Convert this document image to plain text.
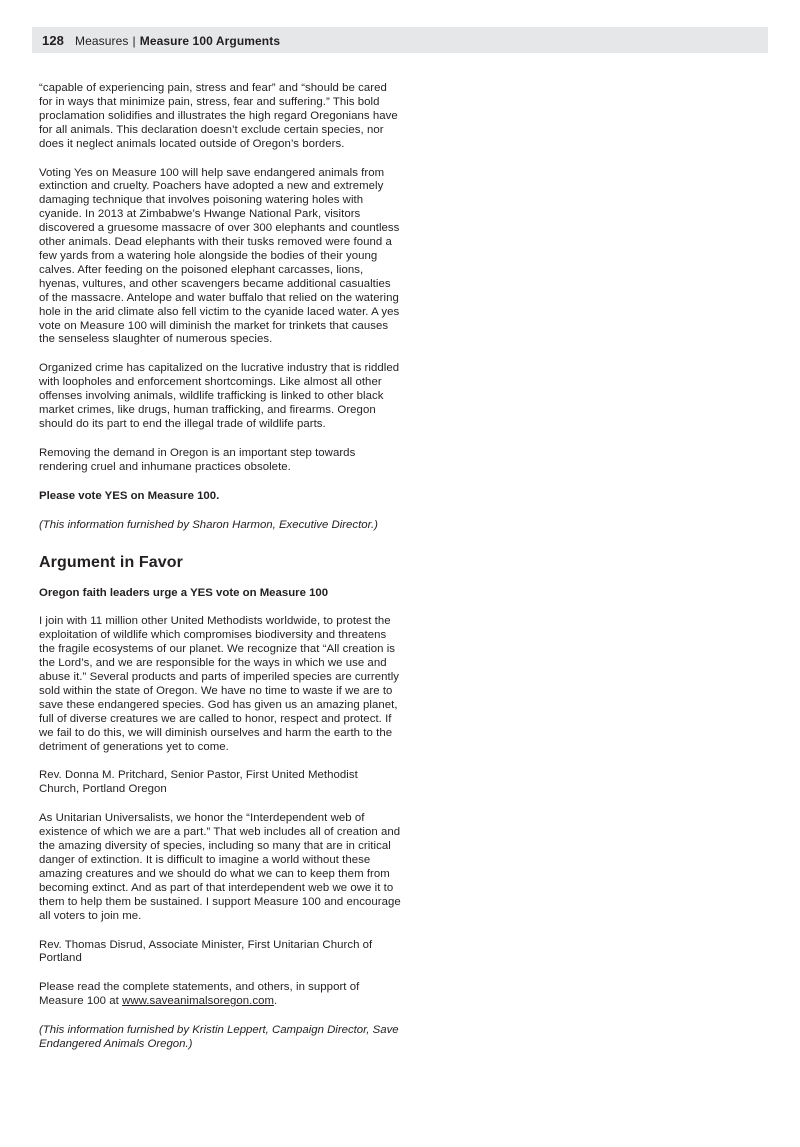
128 Measures | Measure 100 Arguments

“capable of experiencing pain, stress and fear” and “should be cared for in ways that minimize pain, stress, fear and suffering.” This bold proclamation solidifies and illustrates the high regard Oregonians have for all animals. This declaration doesn’t exclude certain species, nor does it neglect animals located outside of Oregon’s borders.

Voting Yes on Measure 100 will help save endangered animals from extinction and cruelty. Poachers have adopted a new and extremely damaging technique that involves poisoning watering holes with cyanide. In 2013 at Zimbabwe’s Hwange National Park, visitors discovered a gruesome massacre of over 300 elephants and countless other animals. Dead elephants with their tusks removed were found a few yards from a watering hole alongside the bodies of their young calves. After feeding on the poisoned elephant carcasses, lions, hyenas, vultures, and other scavengers became additional casualties of the massacre. Antelope and water buffalo that relied on the watering hole in the arid climate also fell victim to the cyanide laced water. A yes vote on Measure 100 will diminish the market for trinkets that causes the senseless slaughter of numerous species.

Organized crime has capitalized on the lucrative industry that is riddled with loopholes and enforcement shortcomings. Like almost all other offenses involving animals, wildlife trafficking is linked to other black market crimes, like drugs, human trafficking, and firearms. Oregon should do its part to end the illegal trade of wildlife parts.

Removing the demand in Oregon is an important step towards rendering cruel and inhumane practices obsolete.

Please vote YES on Measure 100.

(This information furnished by Sharon Harmon, Executive Director.)

Argument in Favor

Oregon faith leaders urge a YES vote on Measure 100

I join with 11 million other United Methodists worldwide, to protest the exploitation of wildlife which compromises biodiversity and threatens the fragile ecosystems of our planet. We recognize that “All creation is the Lord’s, and we are responsible for the ways in which we use and abuse it.” Several products and parts of imperiled species are currently sold within the state of Oregon. We have no time to waste if we are to save these endangered species. God has given us an amazing planet, full of diverse creatures we are called to honor, respect and protect. If we fail to do this, we will diminish ourselves and harm the earth to the detriment of generations yet to come.

Rev. Donna M. Pritchard, Senior Pastor, First United Methodist Church, Portland Oregon

As Unitarian Universalists, we honor the “Interdependent web of existence of which we are a part.” That web includes all of creation and the amazing diversity of species, including so many that are in critical danger of extinction. It is difficult to imagine a world without these amazing creatures and we should do what we can to keep them from becoming extinct. And as part of that interdependent web we owe it to them to help them be sustained. I support Measure 100 and encourage all voters to join me.

Rev. Thomas Disrud, Associate Minister, First Unitarian Church of Portland

Please read the complete statements, and others, in support of Measure 100 at www.saveanimalsoregon.com.

(This information furnished by Kristin Leppert, Campaign Director, Save Endangered Animals Oregon.)
